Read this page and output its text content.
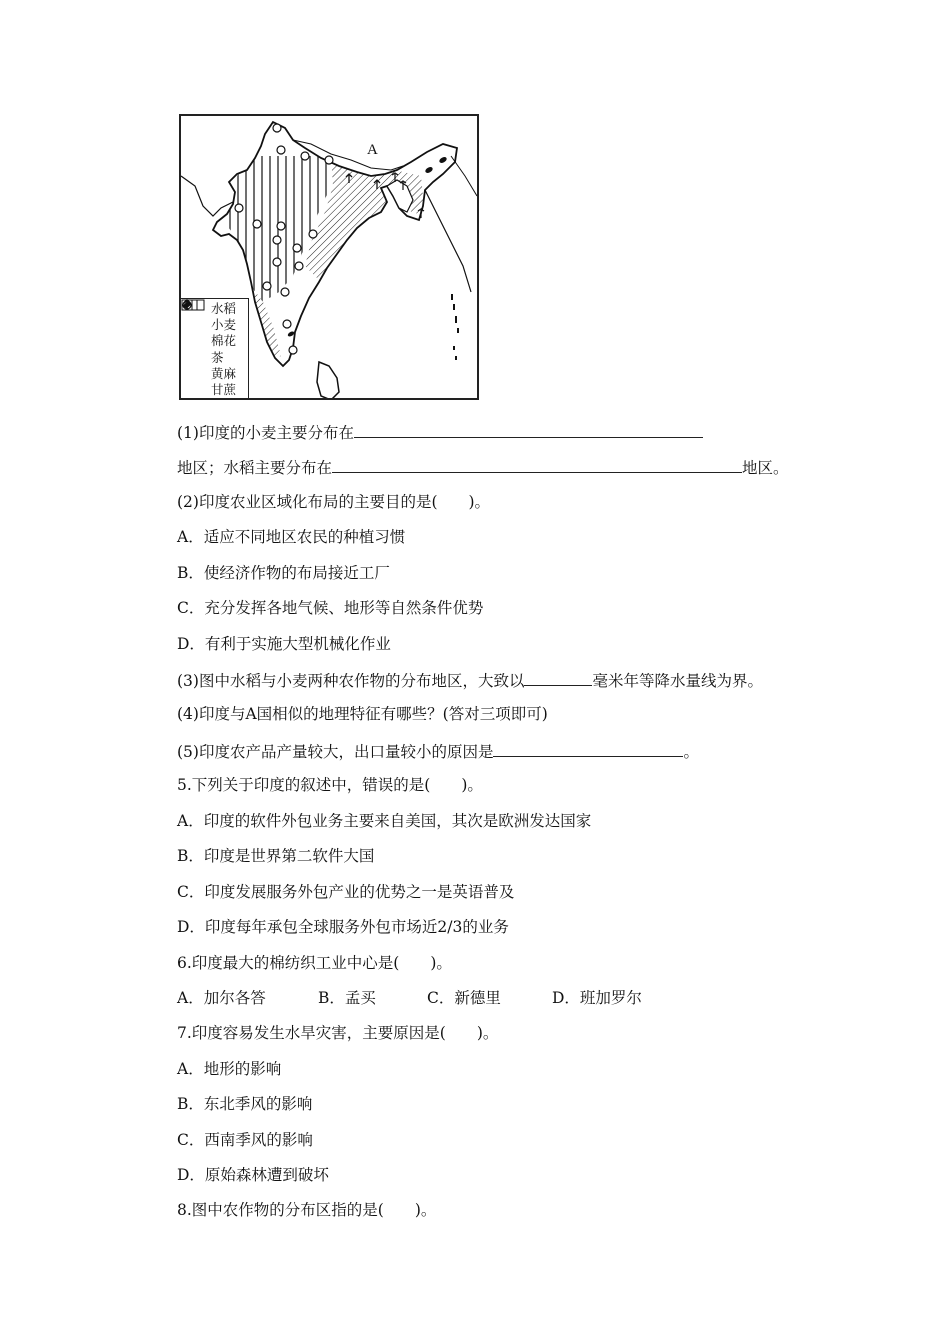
A
水稻
小麦
棉花
茶
黄麻
甘蔗
(1)印度的小麦主要分布在
地区；水稻主要分布在	地区。
(2)印度农业区域化布局的主要目的是(　　)。
A．适应不同地区农民的种植习惯
B．使经济作物的布局接近工厂
C．充分发挥各地气候、地形等自然条件优势
D．有利于实施大型机械化作业
(3)图中水稻与小麦两种农作物的分布地区，大致以	毫米年等降水量线为界。
(4)印度与A国相似的地理特征有哪些？(答对三项即可)
(5)印度农产品产量较大，出口量较小的原因是	。
5.下列关于印度的叙述中，错误的是(　　)。
A．印度的软件外包业务主要来自美国，其次是欧洲发达国家
B．印度是世界第二软件大国
C．印度发展服务外包产业的优势之一是英语普及
D．印度每年承包全球服务外包市场近2/3的业务
6.印度最大的棉纺织工业中心是(　　)。
A．加尔各答	B．孟买	C．新德里	D．班加罗尔
7.印度容易发生水旱灾害，主要原因是(　　)。
A．地形的影响
B．东北季风的影响
C．西南季风的影响
D．原始森林遭到破坏
8.图中农作物的分布区指的是(　　)。
